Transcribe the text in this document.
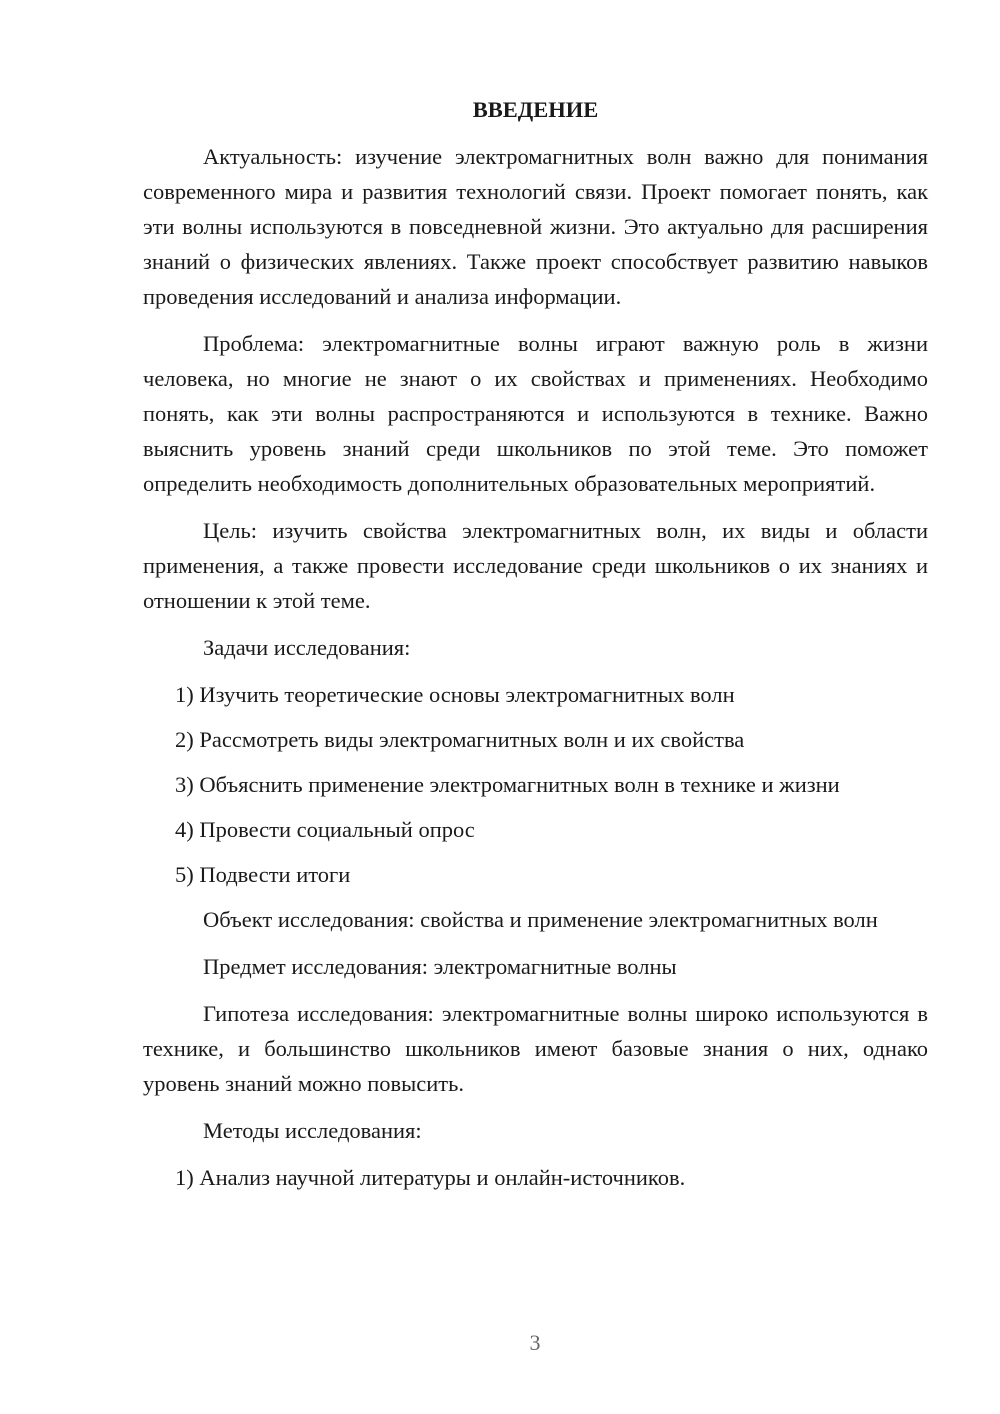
ВВЕДЕНИЕ

Актуальность: изучение электромагнитных волн важно для понимания современного мира и развития технологий связи. Проект помогает понять, как эти волны используются в повседневной жизни. Это актуально для расширения знаний о физических явлениях. Также проект способствует развитию навыков проведения исследований и анализа информации.

Проблема: электромагнитные волны играют важную роль в жизни человека, но многие не знают о их свойствах и применениях. Необходимо понять, как эти волны распространяются и используются в технике. Важно выяснить уровень знаний среди школьников по этой теме. Это поможет определить необходимость дополнительных образовательных мероприятий.

Цель: изучить свойства электромагнитных волн, их виды и области применения, а также провести исследование среди школьников о их знаниях и отношении к этой теме.

Задачи исследования:

1) Изучить теоретические основы электромагнитных волн
2) Рассмотреть виды электромагнитных волн и их свойства
3) Объяснить применение электромагнитных волн в технике и жизни
4) Провести социальный опрос
5) Подвести итоги

Объект исследования: свойства и применение электромагнитных волн

Предмет исследования: электромагнитные волны

Гипотеза исследования: электромагнитные волны широко используются в технике, и большинство школьников имеют базовые знания о них, однако уровень знаний можно повысить.

Методы исследования:

1) Анализ научной литературы и онлайн-источников.
3
